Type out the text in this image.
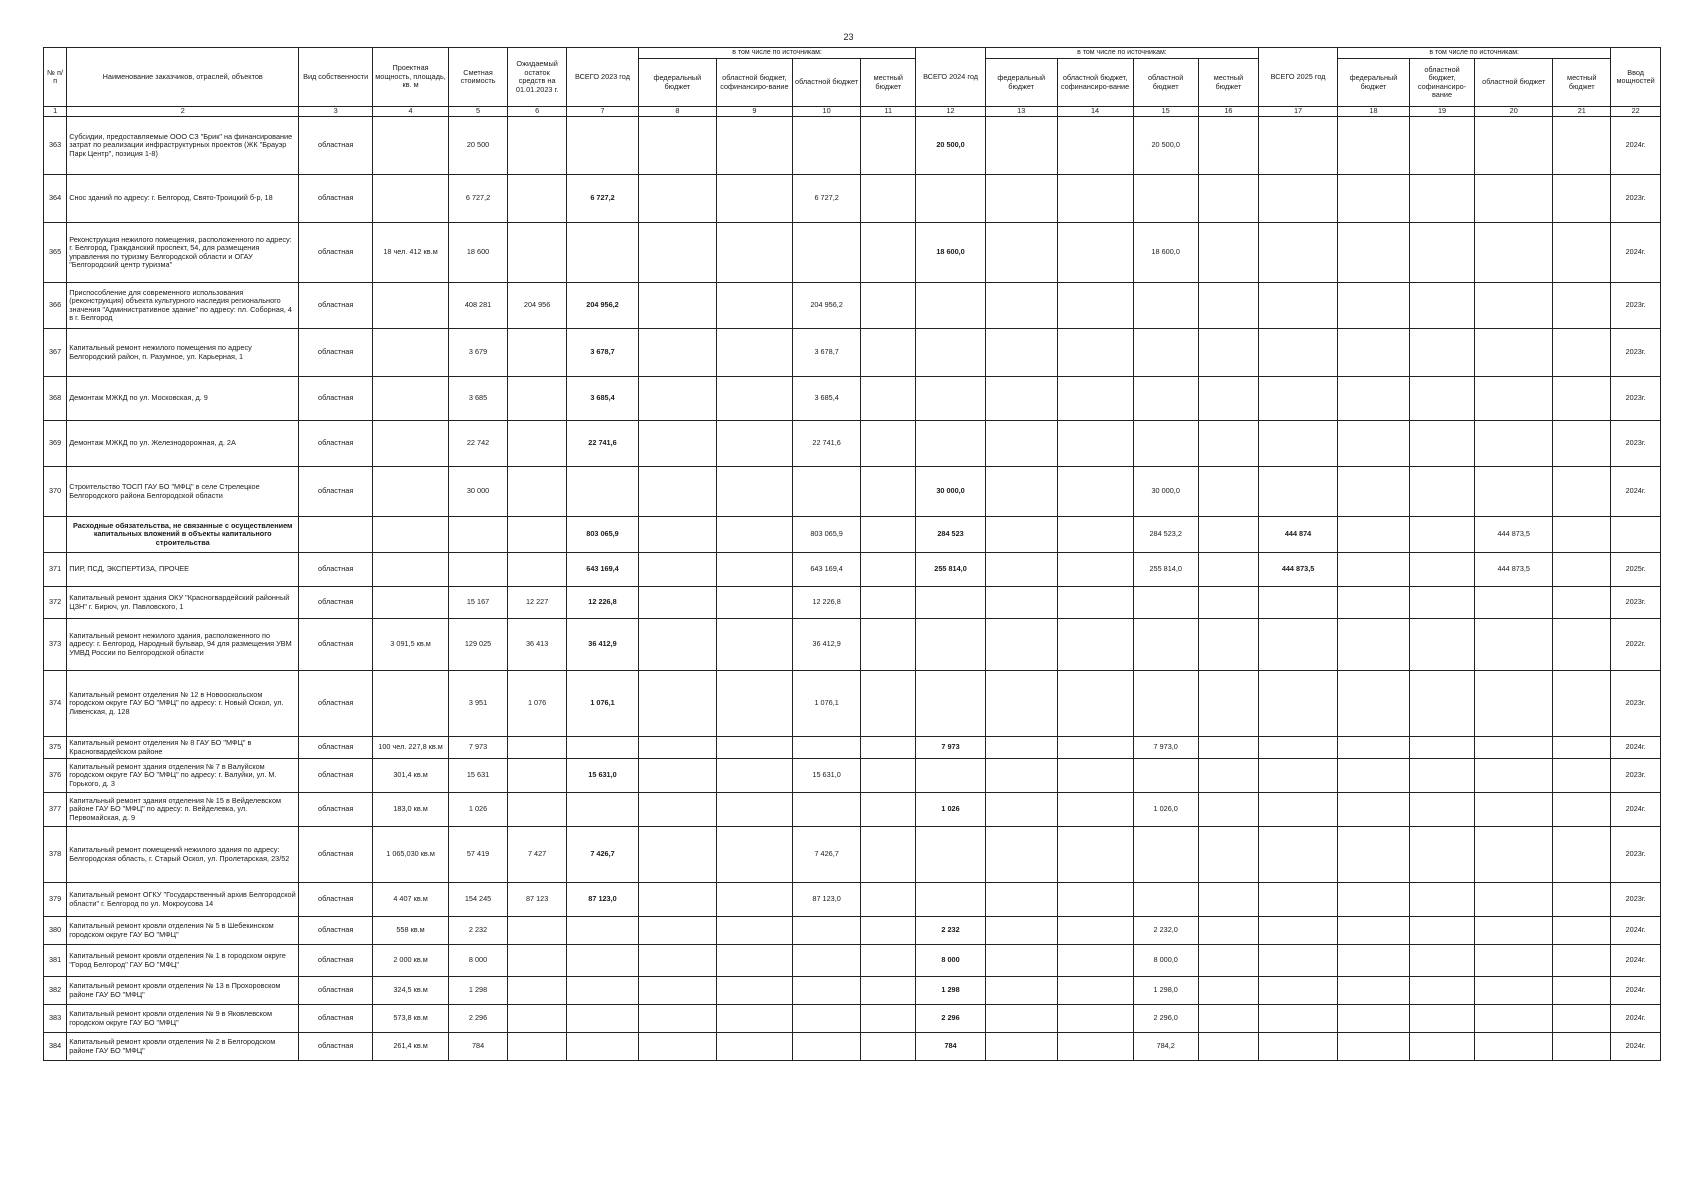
23
№ п/п	Наименование заказчиков, отраслей, объектов	Вид собственности	Проектная мощность, площадь, кв. м	Сметная стоимость	Ожидаемый остаток средств на 01.01.2023 г.	ВСЕГО 2023 год	в том числе по источникам:				ВСЕГО 2024 год	в том числе по источникам:				ВСЕГО 2025 год	в том числе по источникам:				Ввод мощностей
							федеральный бюджет	областной бюджет, софинансиро-вание	областной бюджет	местный бюджет		федеральный бюджет	областной бюджет, софинансиро-вание	областной бюджет	местный бюджет		федеральный бюджет	областной бюджет, софинансиро-вание	областной бюджет	местный бюджет	
1	2	3	4	5	6	7	8	9	10	11	12	13	14	15	16	17	18	19	20	21	22
363	Субсидии, предоставляемые ООО СЗ "Брик" на финансирование затрат по реализации инфраструктурных проектов (ЖК "Брауэр Парк Центр", позиция 1-8)	областная		20 500							20 500,0			20 500,0							2024г.
364	Снос зданий по адресу: г. Белгород, Свято-Троицкий б-р, 18	областная		6 727,2		6 727,2			6 727,2												2023г.
365	Реконструкция нежилого помещения, расположенного по адресу: г. Белгород, Гражданский проспект, 54, для размещения управления по туризму Белгородской области и ОГАУ "Белгородский центр туризма"	областная	18 чел. 412 кв.м	18 600							18 600,0			18 600,0							2024г.
366	Приспособление для современного использования (реконструкция) объекта культурного наследия регионального значения "Административное здание" по адресу: пл. Соборная, 4 в г. Белгород	областная		408 281	204 956	204 956,2			204 956,2												2023г.
367	Капитальный ремонт нежилого помещения по адресу Белгородский район, п. Разумное, ул. Карьерная, 1	областная		3 679		3 678,7			3 678,7												2023г.
368	Демонтаж МЖКД по ул. Московская, д. 9	областная		3 685		3 685,4			3 685,4												2023г.
369	Демонтаж МЖКД по ул. Железнодорожная, д. 2А	областная		22 742		22 741,6			22 741,6												2023г.
370	Строительство ТОСП ГАУ БО "МФЦ" в селе Стрелецкое Белгородского района Белгородской области	областная		30 000							30 000,0			30 000,0							2024г.
	Расходные обязательства, не связанные с осуществлением капитальных вложений в объекты капитального строительства					803 065,9			803 065,9		284 523			284 523,2		444 874			444 873,5		
371	ПИР, ПСД, ЭКСПЕРТИЗА, ПРОЧЕЕ	областная				643 169,4			643 169,4		255 814,0			255 814,0		444 873,5			444 873,5		2025г.
372	Капитальный ремонт здания ОКУ "Красногвардейский районный ЦЗН" г. Бирюч, ул. Павловского, 1	областная		15 167	12 227	12 226,8			12 226,8												2023г.
373	Капитальный ремонт нежилого здания, расположенного по адресу: г. Белгород, Народный бульвар, 94 для размещения УВМ УМВД России по Белгородской области	областная	3 091,5 кв.м	129 025	36 413	36 412,9			36 412,9												2022г.
374	Капитальный ремонт отделения № 12 в Новооскольском городском округе ГАУ БО "МФЦ" по адресу: г. Новый Оскол, ул. Ливенская, д. 128	областная		3 951	1 076	1 076,1			1 076,1												2023г.
375	Капитальный ремонт отделения № 8 ГАУ БО "МФЦ" в Красногвардейском районе	областная	100 чел. 227,8 кв.м	7 973							7 973			7 973,0							2024г.
376	Капитальный ремонт здания отделения № 7 в Валуйском городском округе ГАУ БО "МФЦ" по адресу: г. Валуйки, ул. М. Горького, д. 3	областная	301,4 кв.м	15 631		15 631,0			15 631,0												2023г.
377	Капитальный ремонт здания отделения № 15 в Вейделевском районе ГАУ БО "МФЦ" по адресу: п. Вейделевка, ул. Первомайская, д. 9	областная	183,0 кв.м	1 026							1 026			1 026,0							2024г.
378	Капитальный ремонт помещений нежилого здания по адресу: Белгородская область, г. Старый Оскол, ул. Пролетарская, 23/52	областная	1 065,030 кв.м	57 419	7 427	7 426,7			7 426,7												2023г.
379	Капитальный ремонт ОГКУ "Государственный архив Белгородской области" г. Белгород по ул. Мокроусова 14	областная	4 407 кв.м	154 245	87 123	87 123,0			87 123,0												2023г.
380	Капитальный ремонт кровли отделения № 5 в Шебекинском городском округе ГАУ БО "МФЦ"	областная	558 кв.м	2 232							2 232			2 232,0							2024г.
381	Капитальный ремонт кровли отделения № 1 в городском округе "Город Белгород" ГАУ БО "МФЦ"	областная	2 000 кв.м	8 000							8 000			8 000,0							2024г.
382	Капитальный ремонт кровли отделения № 13 в Прохоровском районе ГАУ БО "МФЦ"	областная	324,5 кв.м	1 298							1 298			1 298,0							2024г.
383	Капитальный ремонт кровли отделения № 9 в Яковлевском городском округе ГАУ БО "МФЦ"	областная	573,8 кв.м	2 296							2 296			2 296,0							2024г.
384	Капитальный ремонт кровли отделения № 2 в Белгородском районе ГАУ БО "МФЦ"	областная	261,4 кв.м	784							784			784,2							2024г.
